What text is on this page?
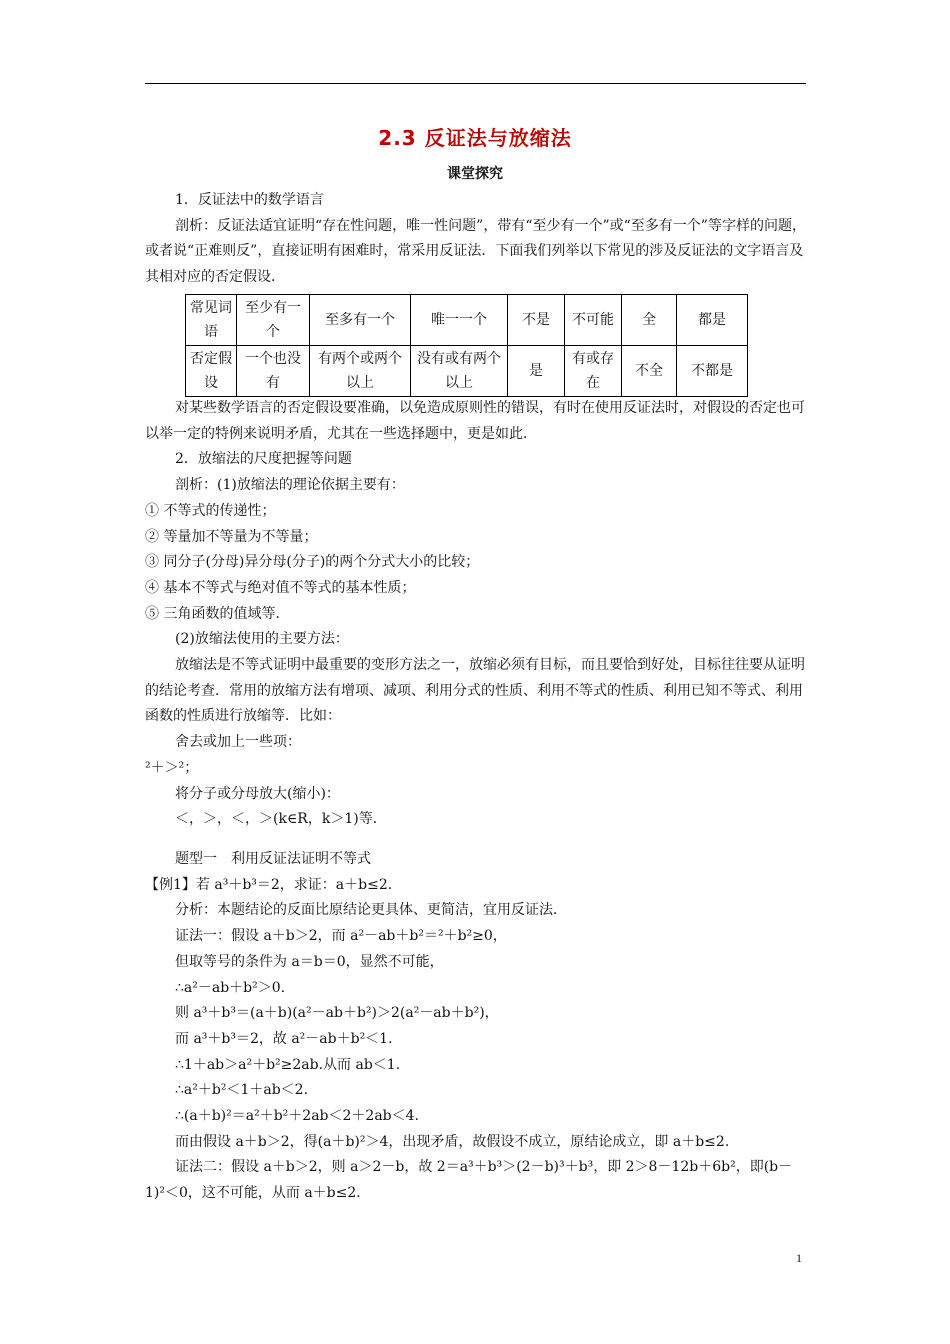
2.3 反证法与放缩法
课堂探究

1．反证法中的数学语言

剖析：反证法适宜证明“存在性问题，唯一性问题”，带有“至少有一个”或“至多有一个”等字样的问题，或者说“正难则反”，直接证明有困难时，常采用反证法．下面我们列举以下常见的涉及反证法的文字语言及其相对应的否定假设．

常见词语	至少有一个	至多有一个	唯一一个	不是	不可能	全	都是
否定假设	一个也没有	有两个或两个以上	没有或有两个以上	是	有或存在	不全	不都是

对某些数学语言的否定假设要准确，以免造成原则性的错误，有时在使用反证法时，对假设的否定也可以举一定的特例来说明矛盾，尤其在一些选择题中，更是如此．

2．放缩法的尺度把握等问题

剖析：(1)放缩法的理论依据主要有：

① 不等式的传递性；

② 等量加不等量为不等量；

③ 同分子(分母)异分母(分子)的两个分式大小的比较；

④ 基本不等式与绝对值不等式的基本性质；

⑤ 三角函数的值域等．

(2)放缩法使用的主要方法：

放缩法是不等式证明中最重要的变形方法之一，放缩必须有目标，而且要恰到好处，目标往往要从证明的结论考查．常用的放缩方法有增项、减项、利用分式的性质、利用不等式的性质、利用已知不等式、利用函数的性质进行放缩等．比如：

舍去或加上一些项：

²＋＞²；

将分子或分母放大(缩小)：

＜，＞，＜，＞(k∈R，k＞1)等．

题型一　利用反证法证明不等式

【例1】若 a³＋b³＝2，求证：a＋b≤2.

分析：本题结论的反面比原结论更具体、更简洁，宜用反证法．

证法一：假设 a＋b＞2，而 a²－ab＋b²＝²＋b²≥0，

但取等号的条件为 a＝b＝0，显然不可能，

∴a²－ab＋b²＞0.

则 a³＋b³＝(a＋b)(a²－ab＋b²)＞2(a²－ab＋b²)，

而 a³＋b³＝2，故 a²－ab＋b²＜1.

∴1＋ab＞a²＋b²≥2ab.从而 ab＜1.

∴a²＋b²＜1＋ab＜2.

∴(a＋b)²＝a²＋b²＋2ab＜2＋2ab＜4.

而由假设 a＋b＞2，得(a＋b)²＞4，出现矛盾，故假设不成立，原结论成立，即 a＋b≤2.

证法二：假设 a＋b＞2，则 a＞2－b，故 2＝a³＋b³＞(2－b)³＋b³，即 2＞8－12b＋6b²，即(b－1)²＜0，这不可能，从而 a＋b≤2.

1
